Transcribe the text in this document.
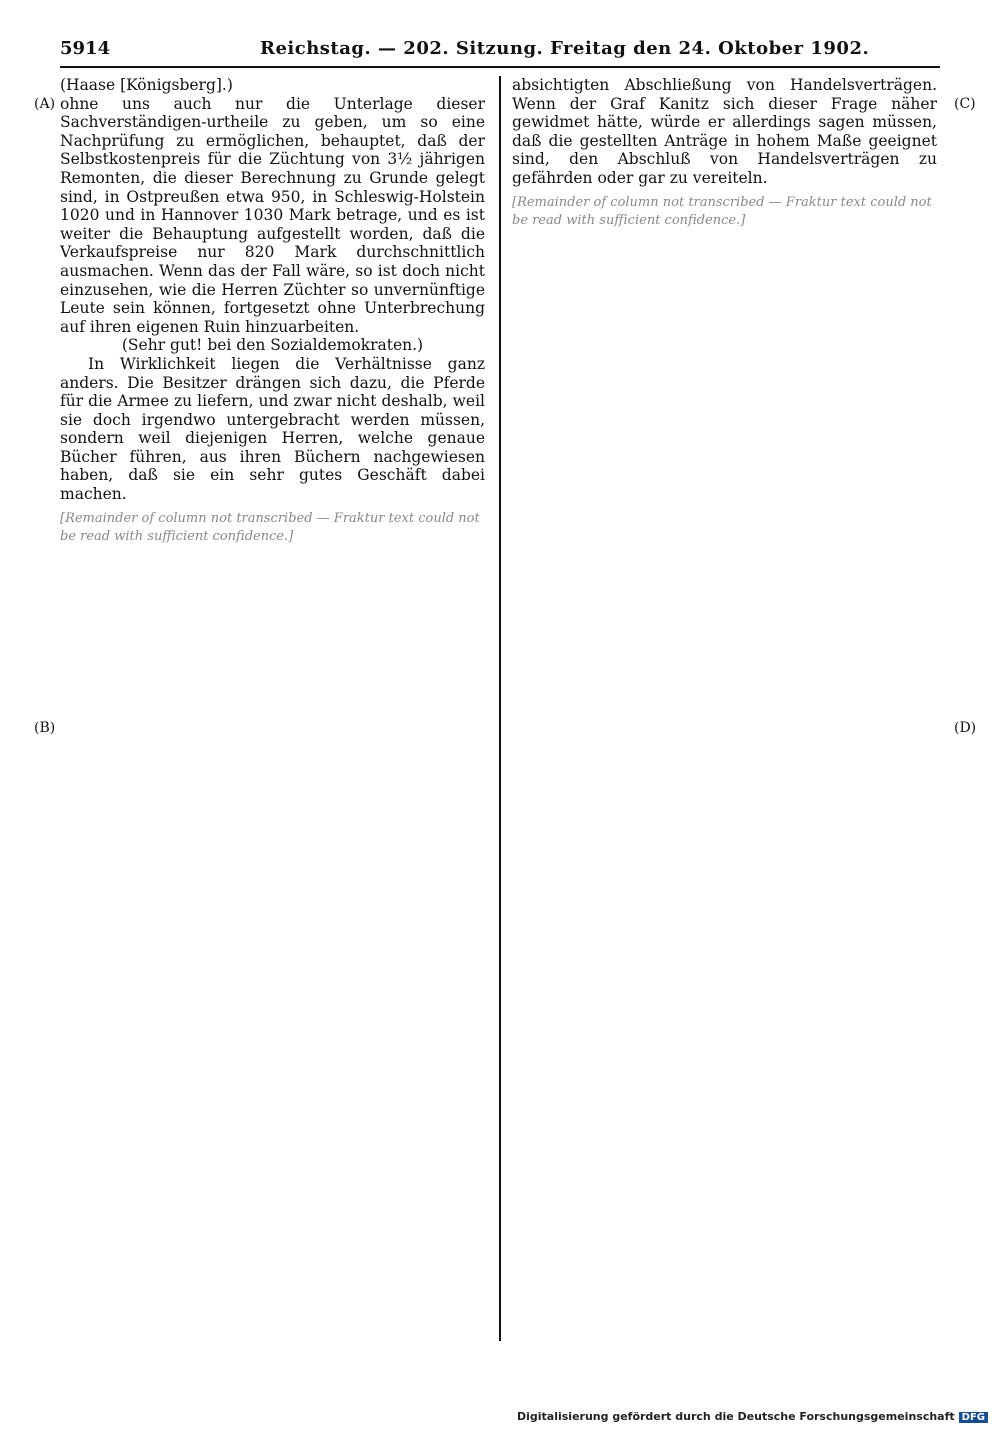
5914	Reichstag. — 202. Sitzung. Freitag den 24. Oktober 1902.
(A)
(B)
(C)
(D)

(Haase [Königsberg].)

ohne uns auch nur die Unterlage dieser Sachverständigen-urtheile zu geben, um so eine Nachprüfung zu ermöglichen, behauptet, daß der Selbstkostenpreis für die Züchtung von 3½ jährigen Remonten, die dieser Berechnung zu Grunde gelegt sind, in Ostpreußen etwa 950, in Schleswig-Holstein 1020 und in Hannover 1030 Mark betrage, und es ist weiter die Behauptung aufgestellt worden, daß die Verkaufspreise nur 820 Mark durchschnittlich ausmachen. Wenn das der Fall wäre, so ist doch nicht einzusehen, wie die Herren Züchter so unvernünftige Leute sein können, fortgesetzt ohne Unterbrechung auf ihren eigenen Ruin hinzuarbeiten.

(Sehr gut! bei den Sozialdemokraten.)

In Wirklichkeit liegen die Verhältnisse ganz anders. Die Besitzer drängen sich dazu, die Pferde für die Armee zu liefern, und zwar nicht deshalb, weil sie doch irgendwo untergebracht werden müssen, sondern weil diejenigen Herren, welche genaue Bücher führen, aus ihren Büchern nachgewiesen haben, daß sie ein sehr gutes Geschäft dabei machen.

[Remainder of column not transcribed — Fraktur text could not be read with sufficient confidence.]

absichtigten Abschließung von Handelsverträgen. Wenn der Graf Kanitz sich dieser Frage näher gewidmet hätte, würde er allerdings sagen müssen, daß die gestellten Anträge in hohem Maße geeignet sind, den Abschluß von Handelsverträgen zu gefährden oder gar zu vereiteln.

[Remainder of column not transcribed — Fraktur text could not be read with sufficient confidence.]

Digitalisierung gefördert durch die Deutsche Forschungsgemeinschaft DFG
